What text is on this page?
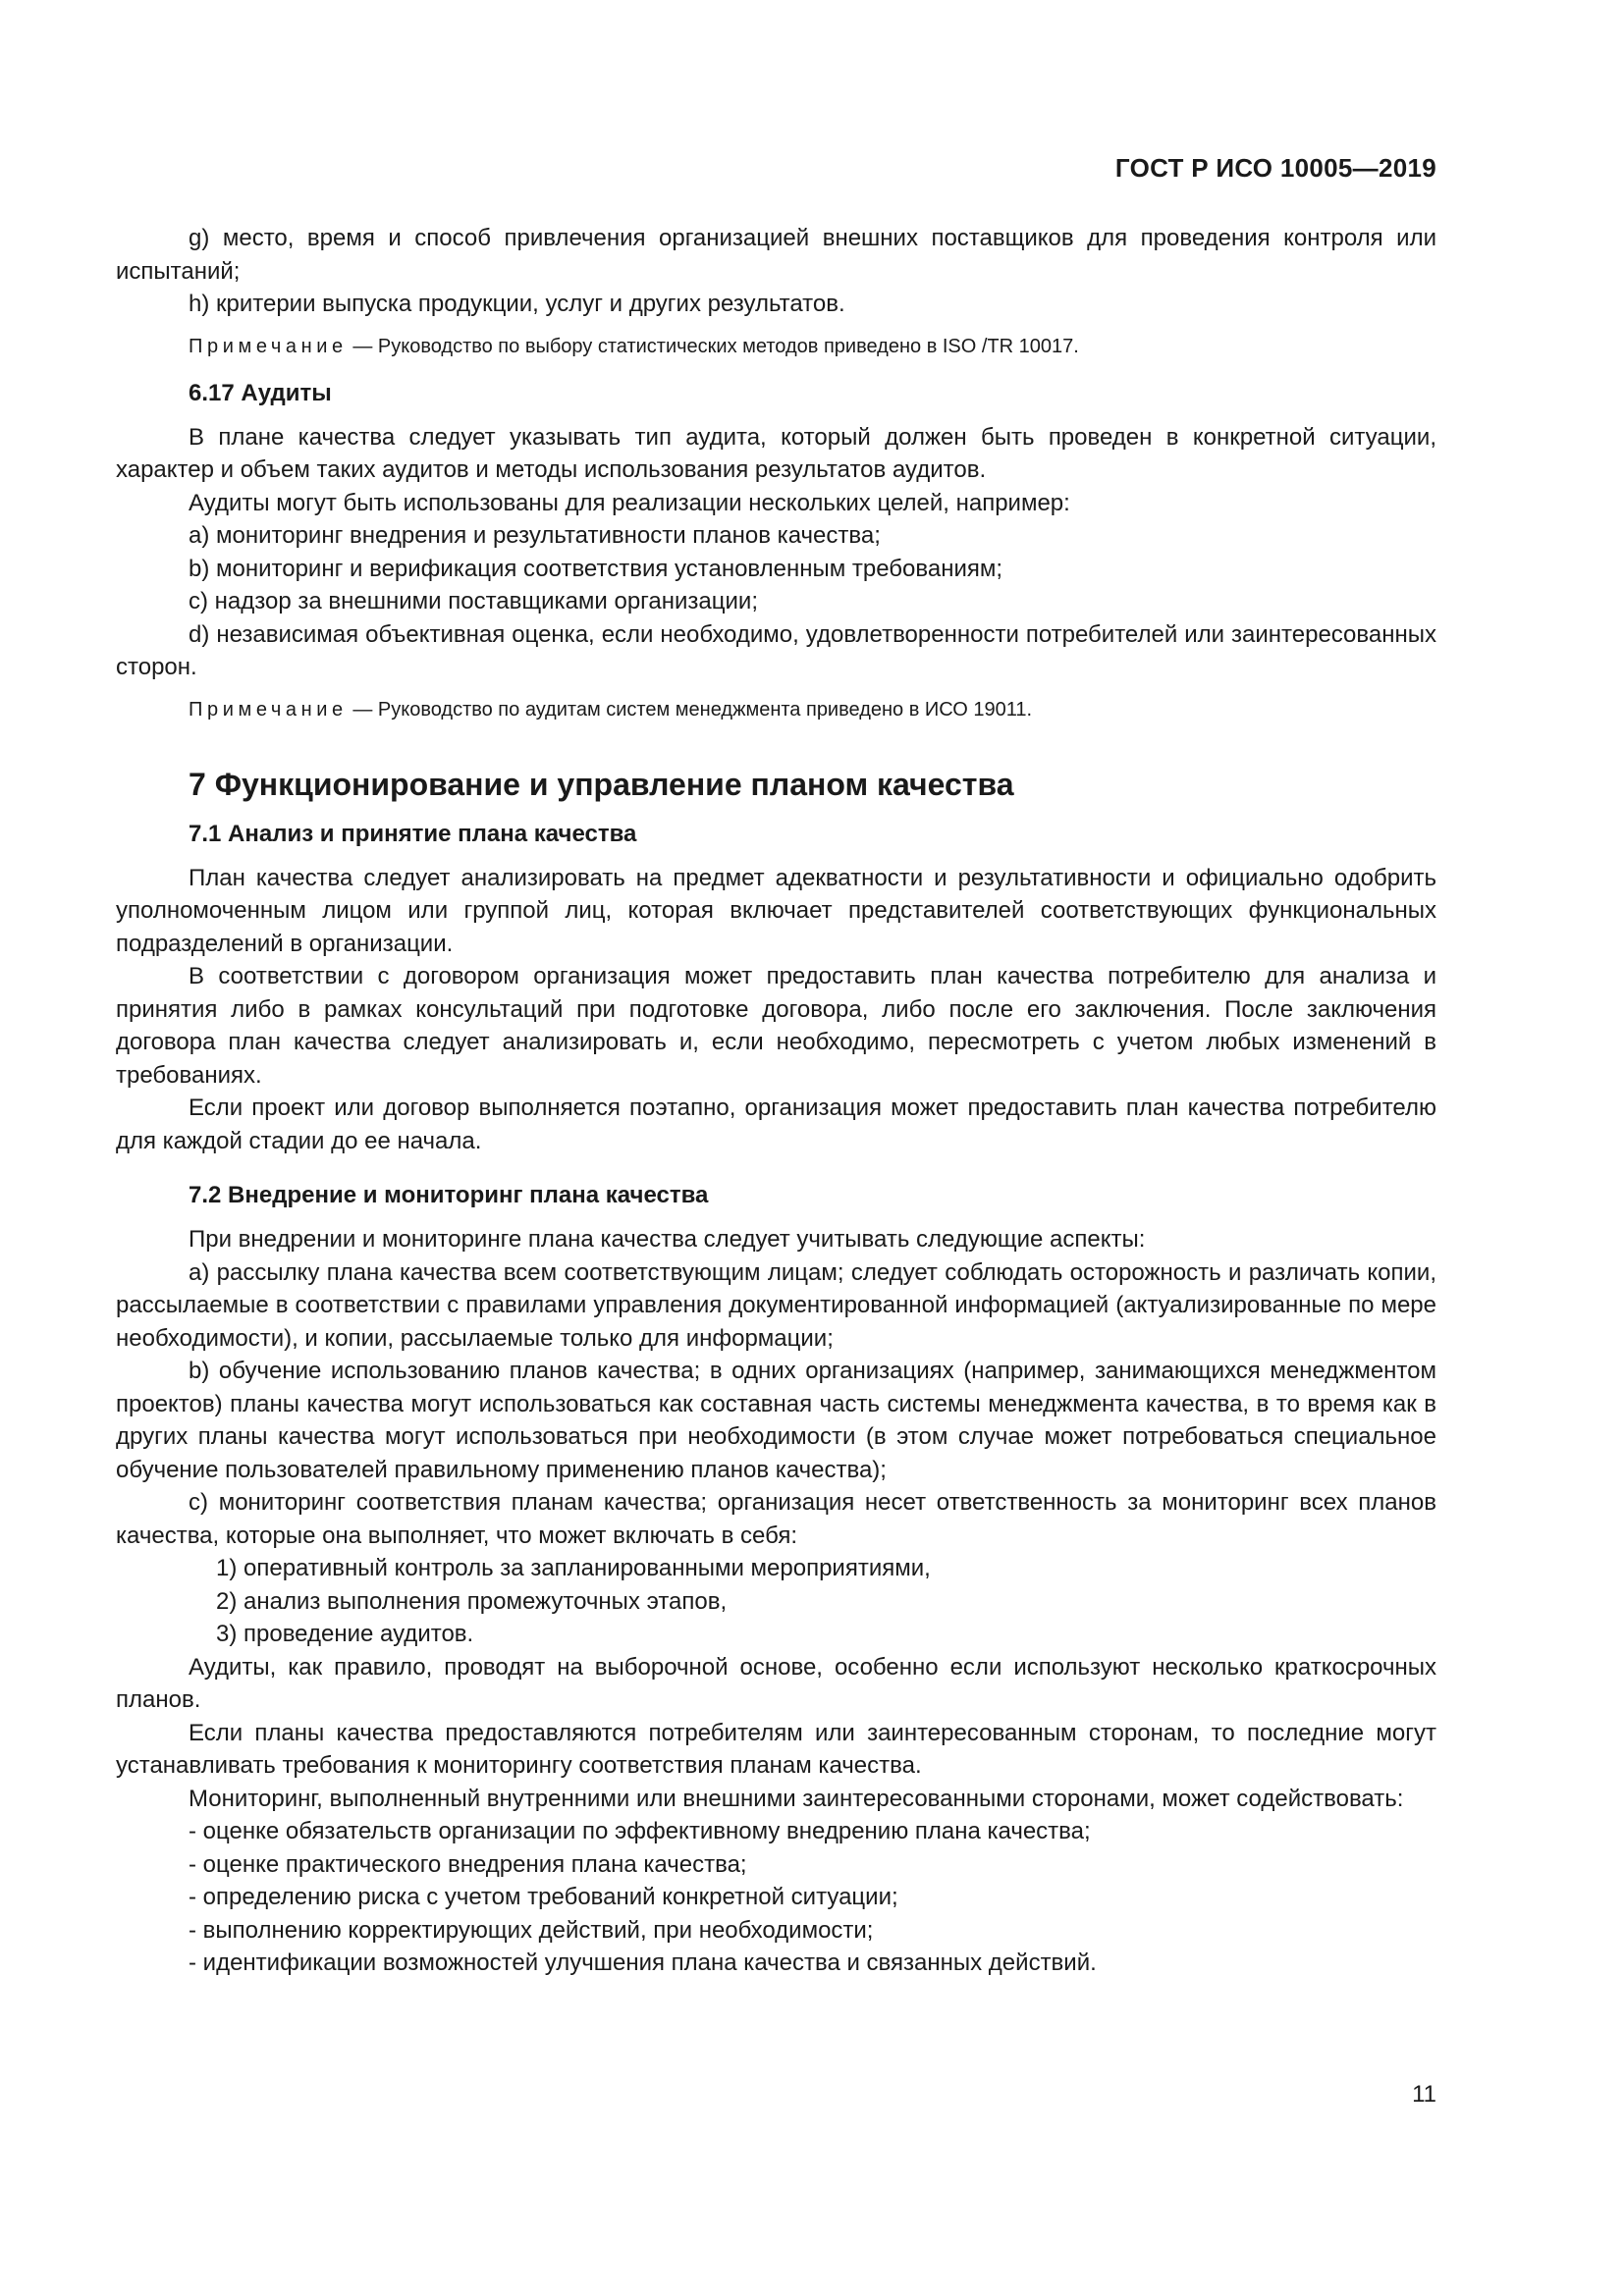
ГОСТ Р ИСО 10005—2019

g) место, время и способ привлечения организацией внешних поставщиков для проведения контроля или испытаний;

h) критерии выпуска продукции, услуг и других результатов.

Примечание — Руководство по выбору статистических методов приведено в ISO /TR 10017.

6.17 Аудиты

В плане качества следует указывать тип аудита, который должен быть проведен в конкретной ситуации, характер и объем таких аудитов и методы использования результатов аудитов.

Аудиты могут быть использованы для реализации нескольких целей, например:

a) мониторинг внедрения и результативности планов качества;

b) мониторинг и верификация соответствия установленным требованиям;

c) надзор за внешними поставщиками организации;

d) независимая объективная оценка, если необходимо, удовлетворенности потребителей или заинтересованных сторон.

Примечание — Руководство по аудитам систем менеджмента приведено в ИСО 19011.

7 Функционирование и управление планом качества

7.1 Анализ и принятие плана качества

План качества следует анализировать на предмет адекватности и результативности и официально одобрить уполномоченным лицом или группой лиц, которая включает представителей соответствующих функциональных подразделений в организации.

В соответствии с договором организация может предоставить план качества потребителю для анализа и принятия либо в рамках консультаций при подготовке договора, либо после его заключения. После заключения договора план качества следует анализировать и, если необходимо, пересмотреть с учетом любых изменений в требованиях.

Если проект или договор выполняется поэтапно, организация может предоставить план качества потребителю для каждой стадии до ее начала.

7.2 Внедрение и мониторинг плана качества

При внедрении и мониторинге плана качества следует учитывать следующие аспекты:

a) рассылку плана качества всем соответствующим лицам; следует соблюдать осторожность и различать копии, рассылаемые в соответствии с правилами управления документированной информацией (актуализированные по мере необходимости), и копии, рассылаемые только для информации;

b) обучение использованию планов качества; в одних организациях (например, занимающихся менеджментом проектов) планы качества могут использоваться как составная часть системы менеджмента качества, в то время как в других планы качества могут использоваться при необходимости (в этом случае может потребоваться специальное обучение пользователей правильному применению планов качества);

c) мониторинг соответствия планам качества; организация несет ответственность за мониторинг всех планов качества, которые она выполняет, что может включать в себя:

1) оперативный контроль за запланированными мероприятиями,

2) анализ выполнения промежуточных этапов,

3) проведение аудитов.

Аудиты, как правило, проводят на выборочной основе, особенно если используют несколько краткосрочных планов.

Если планы качества предоставляются потребителям или заинтересованным сторонам, то последние могут устанавливать требования к мониторингу соответствия планам качества.

Мониторинг, выполненный внутренними или внешними заинтересованными сторонами, может содействовать:

- оценке обязательств организации по эффективному внедрению плана качества;

- оценке практического внедрения плана качества;

- определению риска с учетом требований конкретной ситуации;

- выполнению корректирующих действий, при необходимости;

- идентификации возможностей улучшения плана качества и связанных действий.

11
